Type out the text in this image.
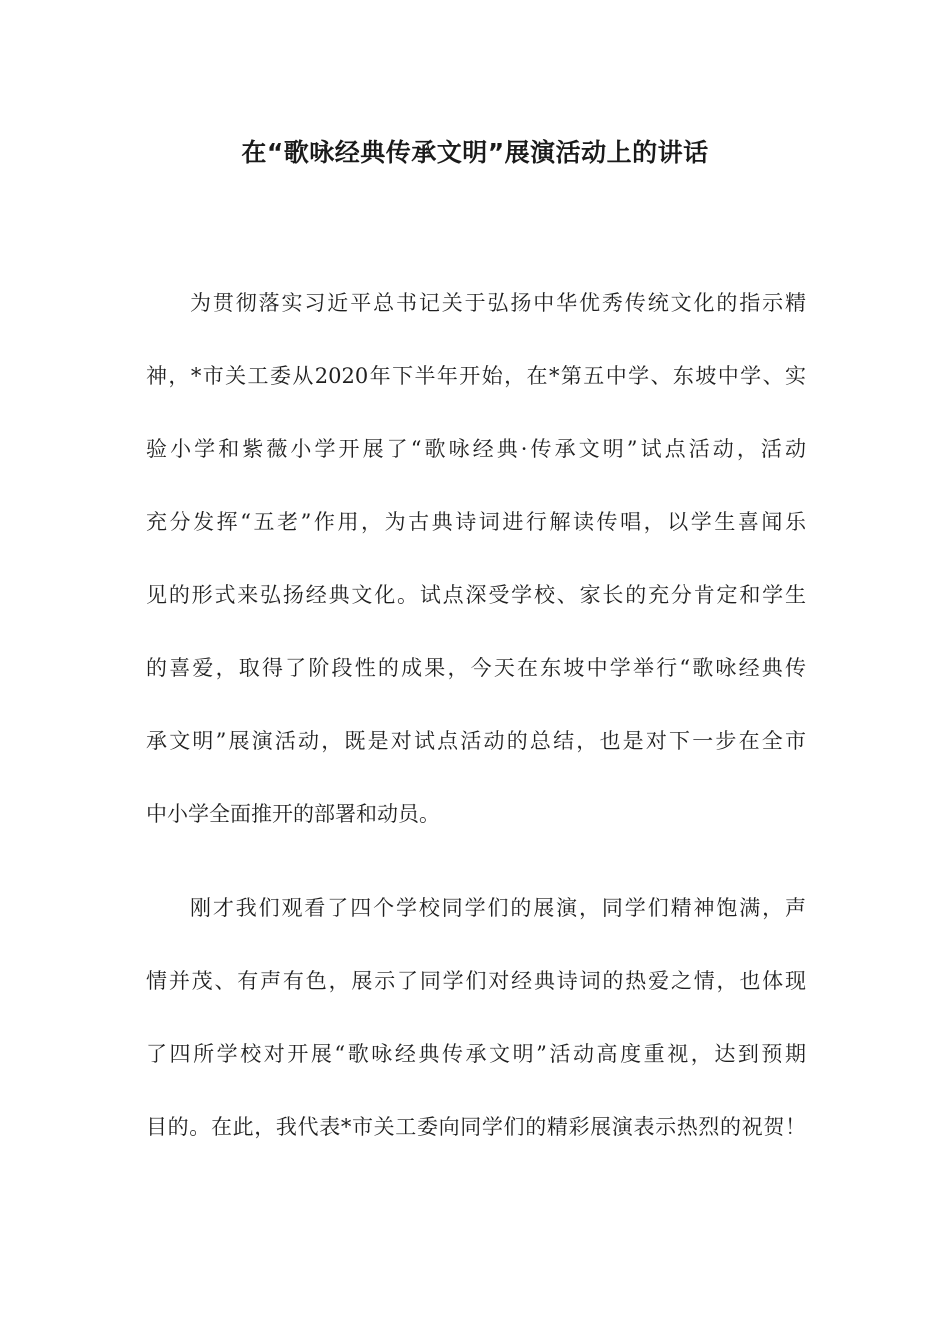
在“歌咏经典传承文明”展演活动上的讲话
为贯彻落实习近平总书记关于弘扬中华优秀传统文化的指示精
神，*市关工委从2020年下半年开始，在*第五中学、东坡中学、实
验小学和紫薇小学开展了“歌咏经典·传承文明”试点活动，活动
充分发挥“五老”作用，为古典诗词进行解读传唱，以学生喜闻乐
见的形式来弘扬经典文化。试点深受学校、家长的充分肯定和学生
的喜爱，取得了阶段性的成果，今天在东坡中学举行“歌咏经典传
承文明”展演活动，既是对试点活动的总结，也是对下一步在全市
中小学全面推开的部署和动员。
刚才我们观看了四个学校同学们的展演，同学们精神饱满，声
情并茂、有声有色，展示了同学们对经典诗词的热爱之情，也体现
了四所学校对开展“歌咏经典传承文明”活动高度重视，达到预期
目的。在此，我代表*市关工委向同学们的精彩展演表示热烈的祝贺！
